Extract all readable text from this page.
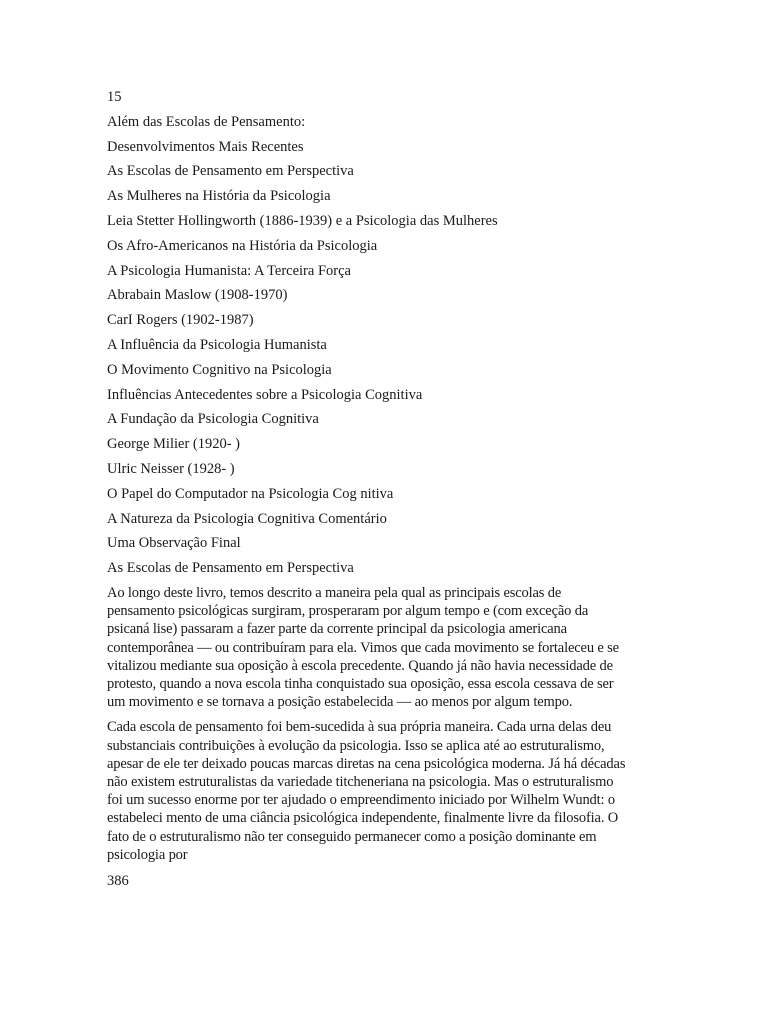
15
Além das Escolas de Pensamento:
Desenvolvimentos Mais Recentes
As Escolas de Pensamento em Perspectiva
As Mulheres na História da Psicologia
Leia Stetter Hollingworth (1886-1939) e a Psicologia das Mulheres
Os Afro-Americanos na História da Psicologia
A Psicologia Humanista: A Terceira Força
Abrabain Maslow (1908-1970)
CarI Rogers (1902-1987)
A Influência da Psicologia Humanista
O Movimento Cognitivo na Psicologia
Influências Antecedentes sobre a Psicologia Cognitiva
A Fundação da Psicologia Cognitiva
George Milier (1920- )
Ulric Neisser (1928- )
O Papel do Computador na Psicologia Cog nitiva
A Natureza da Psicologia Cognitiva Comentário
Uma Observação Final
As Escolas de Pensamento em Perspectiva
Ao longo deste livro, temos descrito a maneira pela qual as principais escolas de
pensamento psicológicas surgiram, prosperaram por algum tempo e (com exceção da
psicaná lise) passaram a fazer parte da corrente principal da psicologia americana
contemporânea — ou contribuíram para ela. Vimos que cada movimento se fortaleceu e se
vitalizou mediante sua oposição à escola precedente. Quando já não havia necessidade de
protesto, quando a nova escola tinha conquistado sua oposição, essa escola cessava de ser
um movimento e se tornava a posição estabelecida — ao menos por algum tempo.
Cada escola de pensamento foi bem-sucedida à sua própria maneira. Cada urna delas deu
substanciais contribuições à evolução da psicologia. Isso se aplica até ao estruturalismo,
apesar de ele ter deixado poucas marcas diretas na cena psicológica moderna. Já há décadas
não existem estruturalistas da variedade titcheneriana na psicologia. Mas o estruturalismo
foi um sucesso enorme por ter ajudado o empreendimento iniciado por Wilhelm Wundt: o
estabeleci mento de uma ciância psicológica independente, finalmente livre da filosofia. O
fato de o estruturalismo não ter conseguido permanecer como a posição dominante em
psicologia por
386
